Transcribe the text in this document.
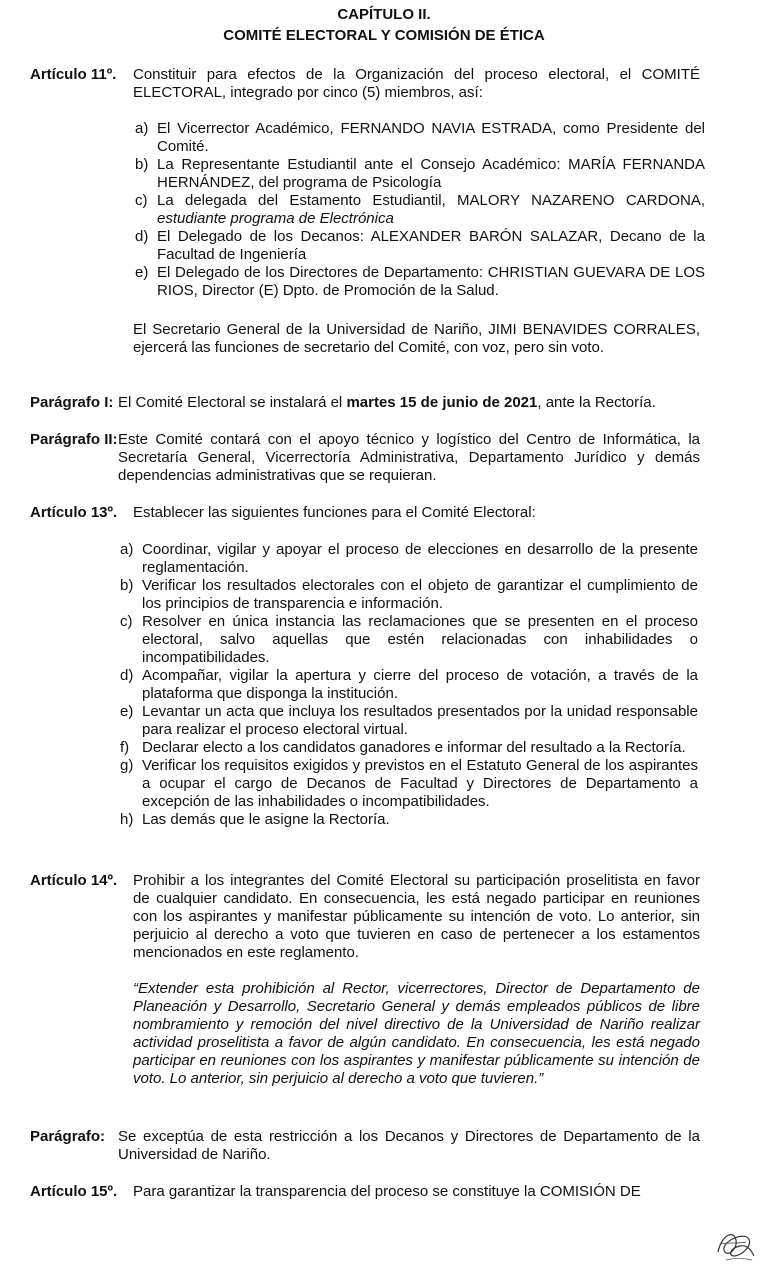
CAPÍTULO II.
COMITÉ ELECTORAL Y COMISIÓN DE ÉTICA
Artículo 11º. Constituir para efectos de la Organización del proceso electoral, el COMITÉ ELECTORAL, integrado por cinco (5) miembros, así:
a) El Vicerrector Académico, FERNANDO NAVIA ESTRADA, como Presidente del Comité.
b) La Representante Estudiantil ante el Consejo Académico: MARÍA FERNANDA HERNÁNDEZ, del programa de Psicología
c) La delegada del Estamento Estudiantil, MALORY NAZARENO CARDONA, estudiante programa de Electrónica
d) El Delegado de los Decanos: ALEXANDER BARÓN SALAZAR, Decano de la Facultad de Ingeniería
e) El Delegado de los Directores de Departamento: CHRISTIAN GUEVARA DE LOS RIOS, Director (E) Dpto. de Promoción de la Salud.
El Secretario General de la Universidad de Nariño, JIMI BENAVIDES CORRALES, ejercerá las funciones de secretario del Comité, con voz, pero sin voto.
Parágrafo I: El Comité Electoral se instalará el martes 15 de junio de 2021, ante la Rectoría.
Parágrafo II: Este Comité contará con el apoyo técnico y logístico del Centro de Informática, la Secretaría General, Vicerrectoría Administrativa, Departamento Jurídico y demás dependencias administrativas que se requieran.
Artículo 13º. Establecer las siguientes funciones para el Comité Electoral:
a) Coordinar, vigilar y apoyar el proceso de elecciones en desarrollo de la presente reglamentación.
b) Verificar los resultados electorales con el objeto de garantizar el cumplimiento de los principios de transparencia e información.
c) Resolver en única instancia las reclamaciones que se presenten en el proceso electoral, salvo aquellas que estén relacionadas con inhabilidades o incompatibilidades.
d) Acompañar, vigilar la apertura y cierre del proceso de votación, a través de la plataforma que disponga la institución.
e) Levantar un acta que incluya los resultados presentados por la unidad responsable para realizar el proceso electoral virtual.
f) Declarar electo a los candidatos ganadores e informar del resultado a la Rectoría.
g) Verificar los requisitos exigidos y previstos en el Estatuto General de los aspirantes a ocupar el cargo de Decanos de Facultad y Directores de Departamento a excepción de las inhabilidades o incompatibilidades.
h) Las demás que le asigne la Rectoría.
Artículo 14º. Prohibir a los integrantes del Comité Electoral su participación proselitista en favor de cualquier candidato. En consecuencia, les está negado participar en reuniones con los aspirantes y manifestar públicamente su intención de voto. Lo anterior, sin perjuicio al derecho a voto que tuvieren en caso de pertenecer a los estamentos mencionados en este reglamento.
“Extender esta prohibición al Rector, vicerrectores, Director de Departamento de Planeación y Desarrollo, Secretario General y demás empleados públicos de libre nombramiento y remoción del nivel directivo de la Universidad de Nariño realizar actividad proselitista a favor de algún candidato. En consecuencia, les está negado participar en reuniones con los aspirantes y manifestar públicamente su intención de voto. Lo anterior, sin perjuicio al derecho a voto que tuvieren.”
Parágrafo: Se exceptúa de esta restricción a los Decanos y Directores de Departamento de la Universidad de Nariño.
Artículo 15º. Para garantizar la transparencia del proceso se constituye la COMISIÓN DE
